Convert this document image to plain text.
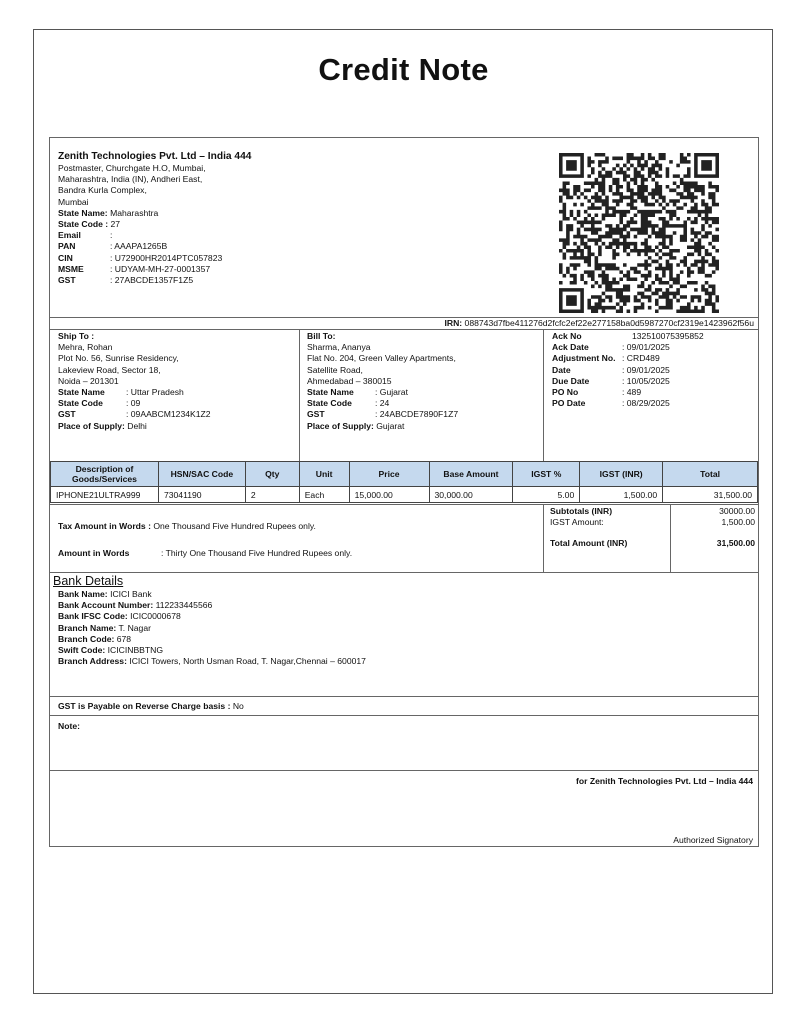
Credit Note
Zenith Technologies Pvt. Ltd – India 444
Postmaster, Churchgate H.O, Mumbai,
Maharashtra, India (IN), Andheri East,
Bandra Kurla Complex,
Mumbai
State Name: Maharashtra
State Code : 27
Email	:
PAN	: AAAPA1265B
CIN	: U72900HR2014PTC057823
MSME	: UDYAM-MH-27-0001357
GST	: 27ABCDE1357F1Z5
IRN: 088743d7fbe411276d2fcfc2ef22e277158ba0d5987270cf2319e1423962f56u
Ship To :
Mehra, Rohan
Plot No. 56, Sunrise Residency,
Lakeview Road, Sector 18,
Noida – 201301
State Name	: Uttar Pradesh
State Code	: 09
GST	: 09AABCM1234K1Z2
Place of Supply: Delhi
Bill To:
Sharma, Ananya
Flat No. 204, Green Valley Apartments,
Satellite Road,
Ahmedabad – 380015
State Name	: Gujarat
State Code	: 24
GST	: 24ABCDE7890F1Z7
Place of Supply: Gujarat
Ack No	132510075395852
Ack Date	: 09/01/2025
Adjustment No. : CRD489
Date	: 09/01/2025
Due Date	: 10/05/2025
PO No	: 489
PO Date	: 08/29/2025
Description of Goods/Services	HSN/SAC Code	Qty	Unit	Price	Base Amount	IGST %	IGST (INR)	Total
IPHONE21ULTRA999	73041190	2	Each	15,000.00	30,000.00	5.00	1,500.00	31,500.00
Tax Amount in Words :
One Thousand Five Hundred Rupees only.
Amount in Words	: Thirty One Thousand Five Hundred Rupees only.
Subtotals (INR)	30000.00
IGST Amount:	1,500.00
Total Amount (INR)	31,500.00
Bank Details
Bank Name: ICICI Bank
Bank Account Number: 112233445566
Bank IFSC Code: ICIC0000678
Branch Name: T. Nagar
Branch Code: 678
Swift Code: ICICINBBTNG
Branch Address: ICICI Towers, North Usman Road, T. Nagar,Chennai – 600017
GST is Payable on Reverse Charge basis : No
Note:
for Zenith Technologies Pvt. Ltd – India 444
Authorized Signatory
